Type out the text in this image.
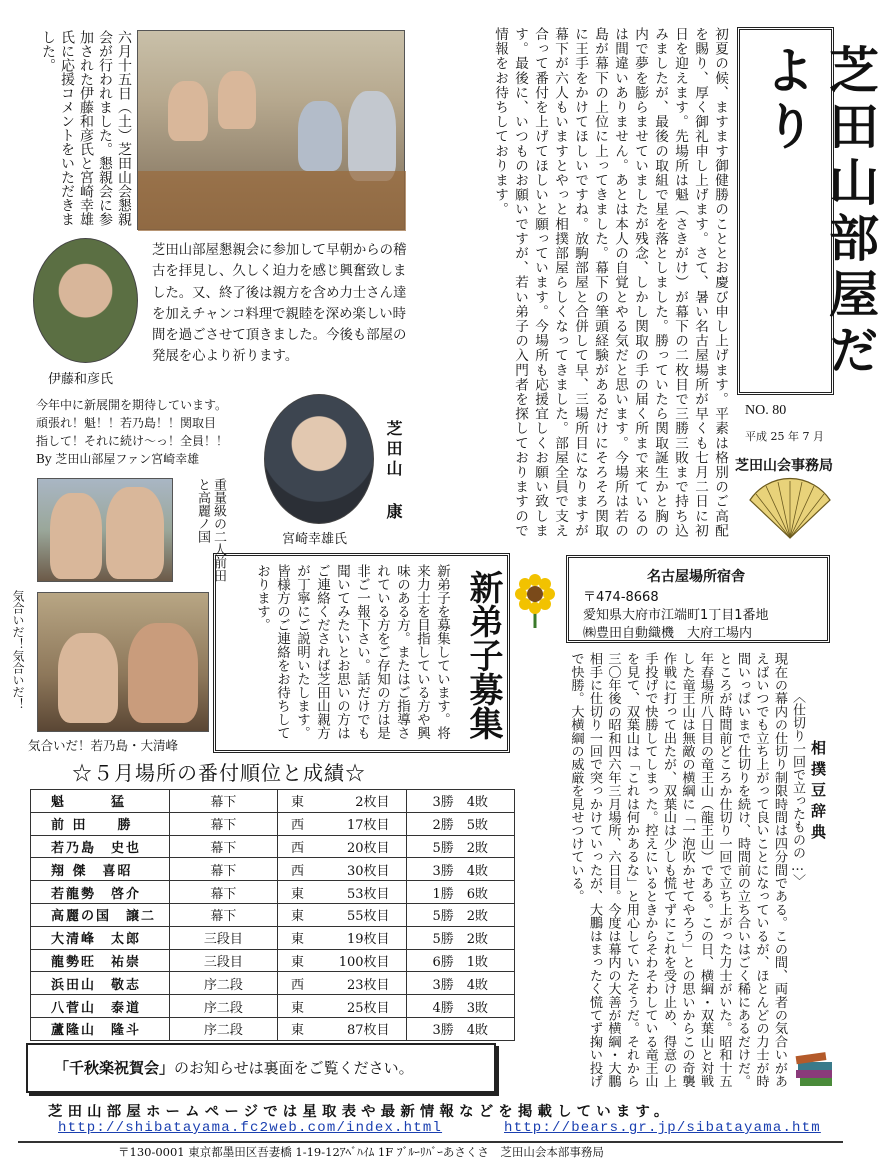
芝田山部屋だより
NO. 80
平成 25 年 7 月
芝田山会事務局
初夏の候、ますます御健勝のこととお慶び申し上げます。平素は格別のご高配を賜り、厚く御礼申し上げます。さて、暑い名古屋場所が早くも七月二日に初日を迎えます。先場所は魁（さきがけ）が幕下の二枚目で三勝三敗まで持ち込みましたが、最後の取組で星を落としました。勝っていたら関取誕生かと胸の内で夢を膨らませていましたが残念、しかし関取の手の届く所まで来ているのは間違いありません。あとは本人の自覚とやる気だと思います。今場所は若の島が幕下の上位に上ってきました。幕下の筆頭経験があるだけにそろそろ関取に王手をかけてほしいですね。放駒部屋と合併して早、三場所目になりますが幕下が六人もいますとやっと相撲部屋らしくなってきました。部屋全員で支え合って番付を上げてほしいと願っています。今場所も応援宜しくお願い致します。最後に、いつものお願いですが、若い弟子の入門者を探しておりますので情報をお待ちしております。
六月十五日（土）芝田山会懇親会が行われました。懇親会に参加された伊藤和彦氏と宮崎幸雄氏に応援コメントをいただきました。
伊藤和彦氏
芝田山部屋懇親会に参加して早朝からの稽古を拝見し、久しく迫力を感じ興奮致しました。又、終了後は親方を含め力士さん達を加えチャンコ料理で親睦を深め楽しい時間を過ごさせて頂きました。今後も部屋の発展を心より祈ります。
今年中に新展開を期待しています。
頑張れ！魁！！若乃島！！関取目
指して！それに続け〜っ！全員！！
By 芝田山部屋ファン宮崎幸雄
宮崎幸雄氏
芝田山 康
重量級の二人前田と高麗ノ国
気合いだ！気合いだ！
気合いだ！若乃島・大清峰
新弟子を募集しています。将来力士を目指している方や興味のある方。またはご指導されている方をご存知の方は是非ご一報下さい。話だけでも聞いてみたいとお思いの方はご連絡くだされば芝田山親方が丁寧にご説明いたします。皆様方のご連絡をお待ちしております。	新弟子募集	名古屋場所宿舎
〒474-8668
愛知県大府市江端町1丁目1番地
㈱豊田自動織機　大府工場内
相撲豆辞典
〈仕切り一回で立ったものの…〉
現在の幕内の仕切り制限時間は四分間である。この間、両者の気合いがあえばいつでも立ち上がって良いことになっているが、ほとんどの力士が時間いっぱいまで仕切りを続け、時間前の立ち合いはごく稀にあるだけだ。ところが時間前どころか仕切り一回で立ち上がった力士がいた。昭和十五年春場所八日目の竜王山（龍王山）である。この日、横綱・双葉山と対戦した竜王山は無敵の横綱に「一泡吹かせてやろう」との思いからこの奇襲作戦に打って出たが、双葉山は少しも慌てずにこれを受け止め、得意の上手投げで快勝してしまった。控えにいるときからそわそわしている竜王山を見て、双葉山は「これは何かあるな」と用心していたそうだ。それから三〇年後の昭和四六年三月場所、六日目。今度は幕内の大善が横綱・大鵬相手に仕切り一回で突っかけていったが、大鵬はまったく慌てず掬い投げで快勝。大横綱の威厳を見せつけている。
☆５月場所の番付順位と成績☆
魁　　　猛	幕下	東	2枚目	3勝　4敗
前 田　　勝	幕下	西	17枚目	2勝　5敗
若乃島　史也	幕下	西	20枚目	5勝　2敗
翔 傑　喜昭	幕下	西	30枚目	3勝　4敗
若龍勢　啓介	幕下	東	53枚目	1勝　6敗
高麗の国　譲二	幕下	東	55枚目	5勝　2敗
大清峰　太郎	三段目	東	19枚目	5勝　2敗
龍勢旺　祐崇	三段目	東	100枚目	6勝　1敗
浜田山　敬志	序二段	西	23枚目	3勝　4敗
八菅山　泰道	序二段	東	25枚目	4勝　3敗
蘆隆山　隆斗	序二段	東	87枚目	3勝　4敗
「千秋楽祝賀会」のお知らせは裏面をご覧ください。
芝田山部屋ホームページでは星取表や最新情報などを掲載しています。
http://shibatayama.fc2web.com/index.html	http://bears.gr.jp/sibatayama.htm
〒130-0001 東京都墨田区吾妻橋 1-19-12ｱﾍﾞﾊｲﾑ 1F ﾌﾞﾙｰﾘﾊﾞｰあさくさ　芝田山会本部事務局
